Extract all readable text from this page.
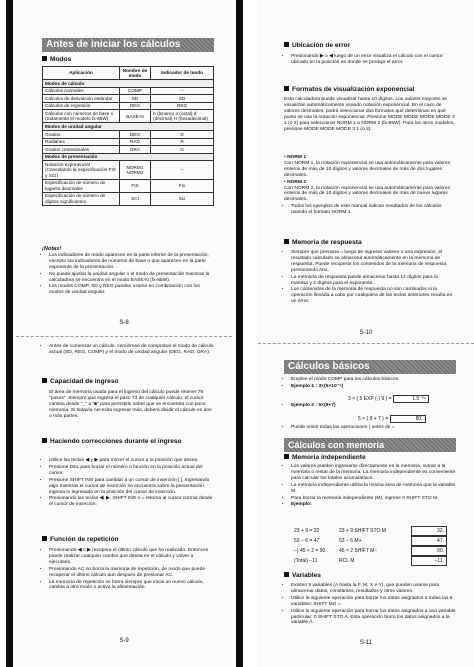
Antes de iniciar los cálculos
Modos
Aplicación	Nombre de modo	Indicador de modo
Modos de cálculo		
Cálculos normales	COMP	–
Cálculos de desviación estándar	SD	SD
Cálculos de regresión	REG	REG
Cálculos con números de base n (Solamente el modelo fx-85W)	BASE-N	b (binario) o (octal) d (decimal) H (hexadecimal)
Modos de unidad angular		
Grados	DEG	D
Radianes	RAD	R
Grados centesimales	GRA	G
Modos de presentación		
Notación exponencial (Cancelando la especificación FIX y SCI)	NORM1 NORM2	–
Especificación de número de lugares decimales	FIX	Fix
Especificación de número de dígitos significantes	SCI	Sci
¡Notas!
• Los indicadores de modo aparecen en la parte inferior de la presentación, excepto los indicadores de números de base n que aparecen en la parte exponente de la presentación.
• No puede ajustar la unidad angular o el modo de presentación mientras la calculadora se encuentra en el modo BASE-N (fx-85W).
• Los modos COMP, SD y REG pueden usarse en combinación con los modos de unidad angular.
S-8
• Antes de comenzar un cálculo, cerciórese de comprobar el modo de cálculo actual (SD, REG, COMP) y el modo de unidad angular (DEG, RAD, GRA).
Capacidad de ingreso
El área de memoria usada para el ingreso del cálculo puede retener 79 "pasos". Siempre que ingresa el paso 73 de cualquier cálculo, el cursor cambia desde "_" a "■" para permitirle saber que se encuentra con poca memoria. Si todavía necesita ingresar más, deberá dividir el cálculo en dos o más partes.
Haciendo correcciones durante el ingreso
• Utilice las teclas ◀ y ▶ para mover el cursor a la posición que desea.
• Presione DEL para borrar el número o función en la posición actual del cursor.
• Presione SHIFT INS para cambiar a un cursor de inserción [ ]. Ingresando algo mientras el cursor de inserción se encuentra sobre la presentación ingresa lo ingresado en la posición del cursor de inserción.
• Presionando las teclas ◀, ▶, SHIFT INS o = retorna al cursor normal desde el cursor de inserción.
Función de repetición
• Presionando ◀ o ▶ recupera el último cálculo que ha realizado. Entonces puede realizar cualquier cambio que desea en el cálculo y volver a ejecutarlo.
• Presionando AC no borra la memoria de repetición, de modo que puede recuperar el último cálculo aun después de presionar AC.
• La memoria de repetición se borra siempre que inicia un nuevo cálculo, cambia a otro modo o activa la alimentación.
S-9
Ubicación de error
• Presionando ▶ o ◀ luego de un error visualiza el cálculo con el cursor ubicado en la posición en donde se produjo el error.
Formatos de visualización exponencial
Esta calculadora puede visualizar hasta 10 dígitos. Los valores mayores se visualizan automáticamente usando notación exponencial. En el caso de valores decimales, podrá seleccionar dos formatos que determinan en qué punto se usa la notación exponencial. Presione MODE MODE MODE MODE 3 1 (o 2) para seleccionar NORM 1 o NORM 2 (fx-85W). Para los otros modelos, presione MODE MODE MODE 3 1 (o 2).
• NORM 1
Con NORM 1, la notación exponencial se usa automáticamente para valores enteros de más de 10 dígitos y valores decimales de más de dos lugares decimales.
• NORM 2
Con NORM 2, la notación exponencial se usa automáticamente para valores enteros de más de 10 dígitos y valores decimales de más de nueve lugares decimales.
• Todos los ejemplos de este manual indican resultados de los cálculos usando el formato NORM 1.
Memoria de respuesta
• Siempre que presiona = luego de ingresar valores o una expresión, el resultado calculado se almacena automáticamente en la memoria de respuesta. Puede recuperar los contenidos de la memoria de respuesta presionando Ans.
• La memoria de respuesta puede almacenar hasta 12 dígitos para la mantisa y 2 dígitos para el exponente.
• Los contenidos de la memoria de respuesta no son cambiados si la operación llevada a cabo por cualquiera de las teclas anteriores resulta en un error.
S-10
Cálculos básicos
• Emplee el modo COMP para los cálculos básicos.
• Ejemplo 1 : 3×(5×10⁻⁹)
3 × ( 5 EXP (-) 9 ) =	1.5⁻⁰⁸
• Ejemplo 2 : 5×(9+7)
5 × ( 9 + 7 ) =	80.
• Puede omitir todas las operaciones ) antes de =
Cálculos con memoria
Memoria independiente
• Los valores pueden ingresarse directamente en la memoria, sumar a la memoria o restar de la memoria. La memoria independiente es conveniente para calcular los totales acumulativos.
• La memoria independiente utiliza la misma área de memoria que la variable M.
• Para borrar la memoria independiente (M), ingrese 0 SHIFT STO M.
• Ejemplo:
23 + 9 = 32	23 + 9 SHIFT STO M	32.
53 − 6 = 47	53 − 6 M+	47.
−) 45 × 2 = 90	45 × 2 SHIFT M−	90.
(Total) −11	RCL M	−11.
Variables
• Existen 9 variables (A hasta la F, M, X e Y), que pueden usarse para almacenar datos, constantes, resultados y otros valores.
• Utilice la siguiente operación para borrar los datos asignados a todas las 9 variables: SHIFT Mcl =.
• Utilice la siguiente operación para borrar los datos asignados a una variable particular: 0 SHIFT STO A. Esta operación borra los datos asignados a la variable A.
S-11
